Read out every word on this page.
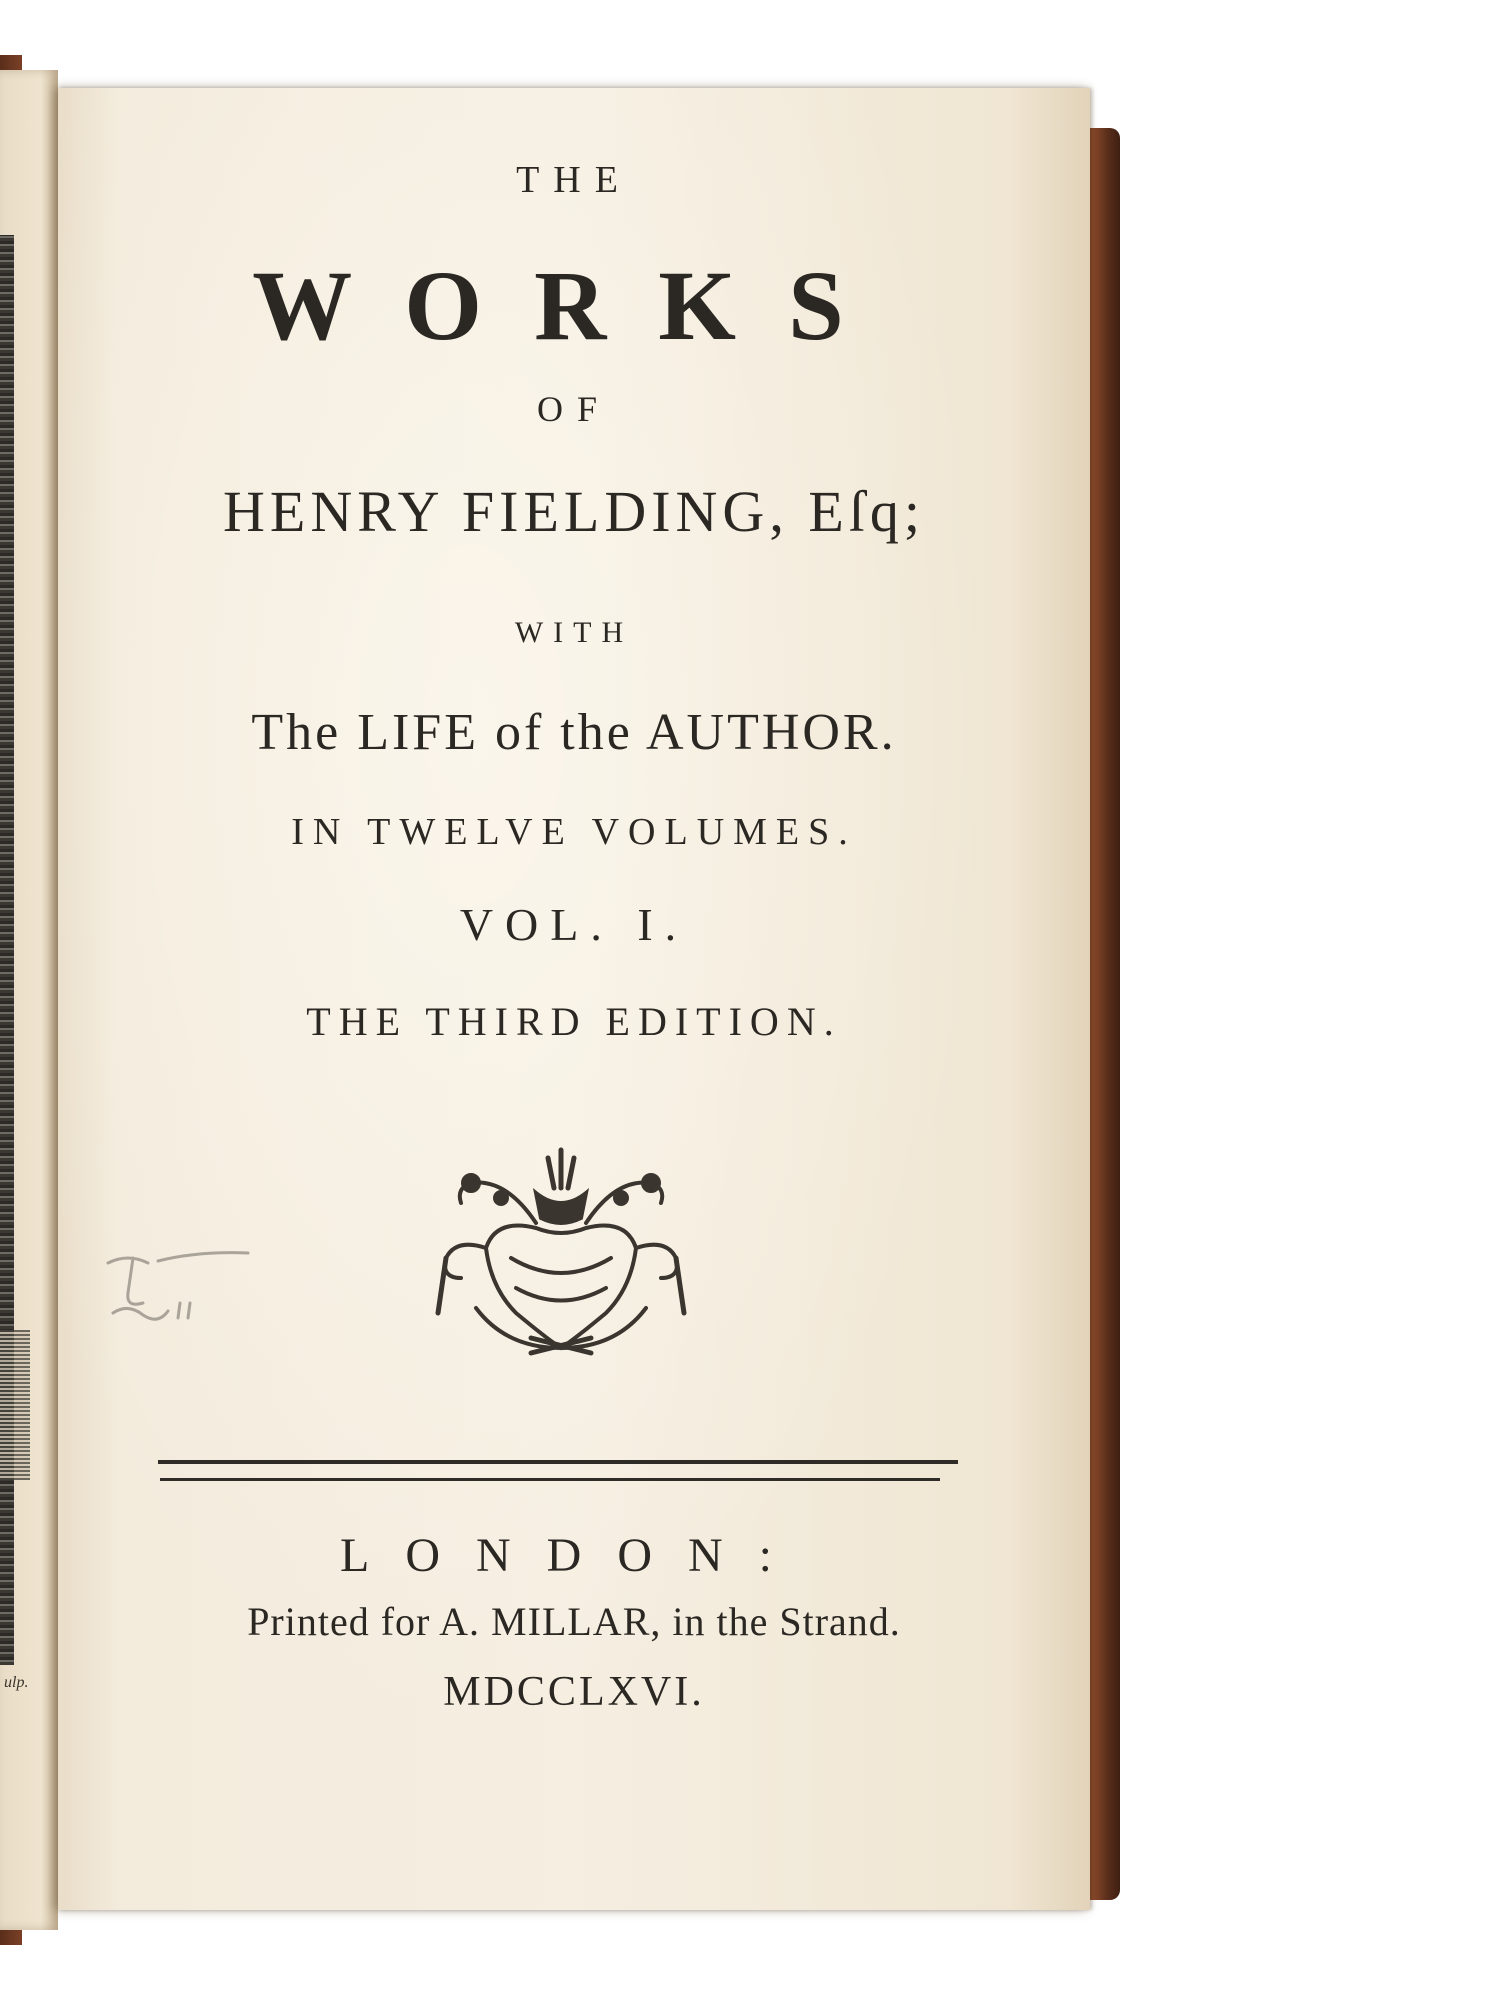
ulp.
THE
WORKS
OF
HENRY FIELDING, Eſq;
WITH
The LIFE of the AUTHOR.
IN TWELVE VOLUMES.
VOL. I.
THE THIRD EDITION.
LONDON:
Printed for A. MILLAR, in the Strand.
MDCCLXVI.
